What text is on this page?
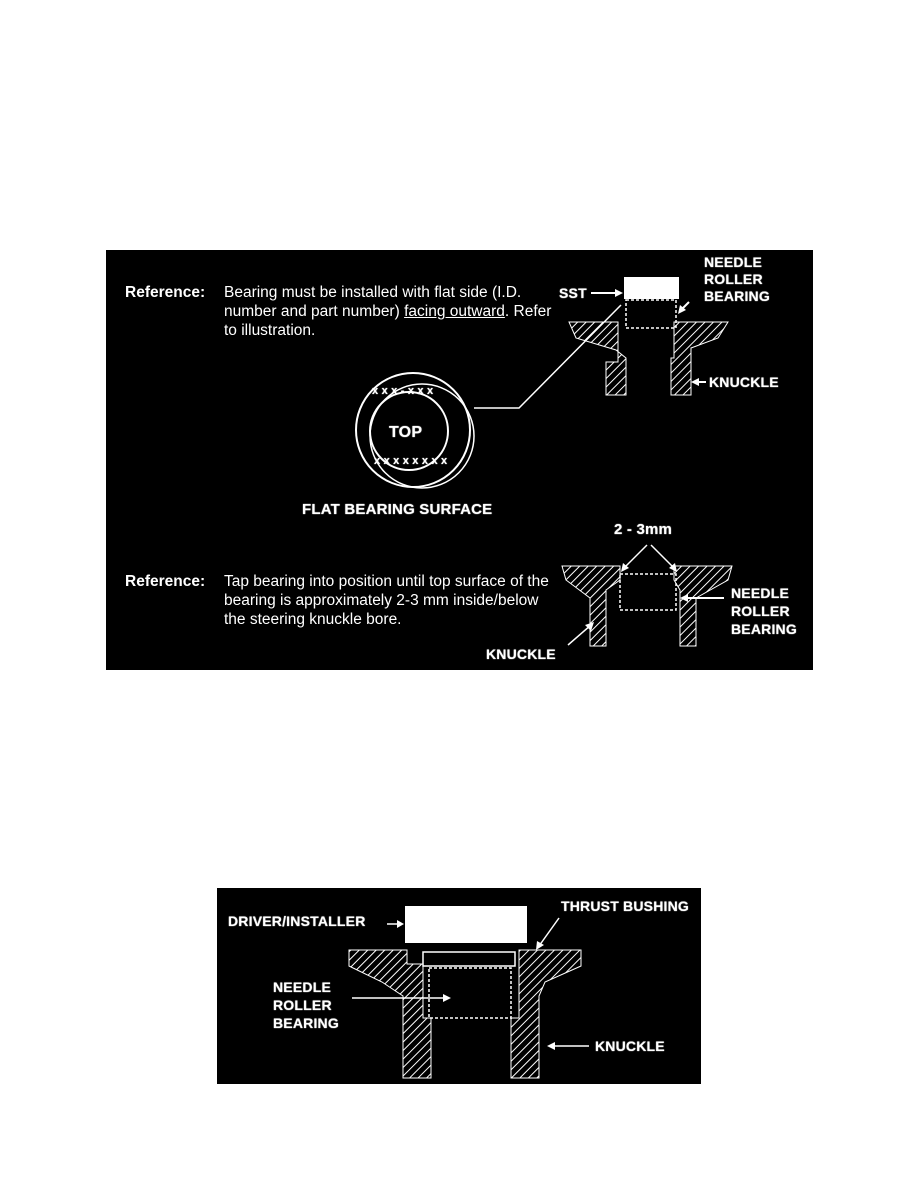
Reference: Bearing must be installed with flat side (I.D. number and part number) facing outward. Refer to illustration.
SST
NEEDLE
ROLLER
BEARING
KNUCKLE
x x x - x x x
TOP
x x x x x x x x
FLAT BEARING SURFACE
2 - 3mm
Reference: Tap bearing into position until top surface of the bearing is approximately 2-3 mm inside/below the steering knuckle bore.
NEEDLE
ROLLER
BEARING
KNUCKLE
DRIVER/INSTALLER
THRUST BUSHING
NEEDLE
ROLLER
BEARING
KNUCKLE
